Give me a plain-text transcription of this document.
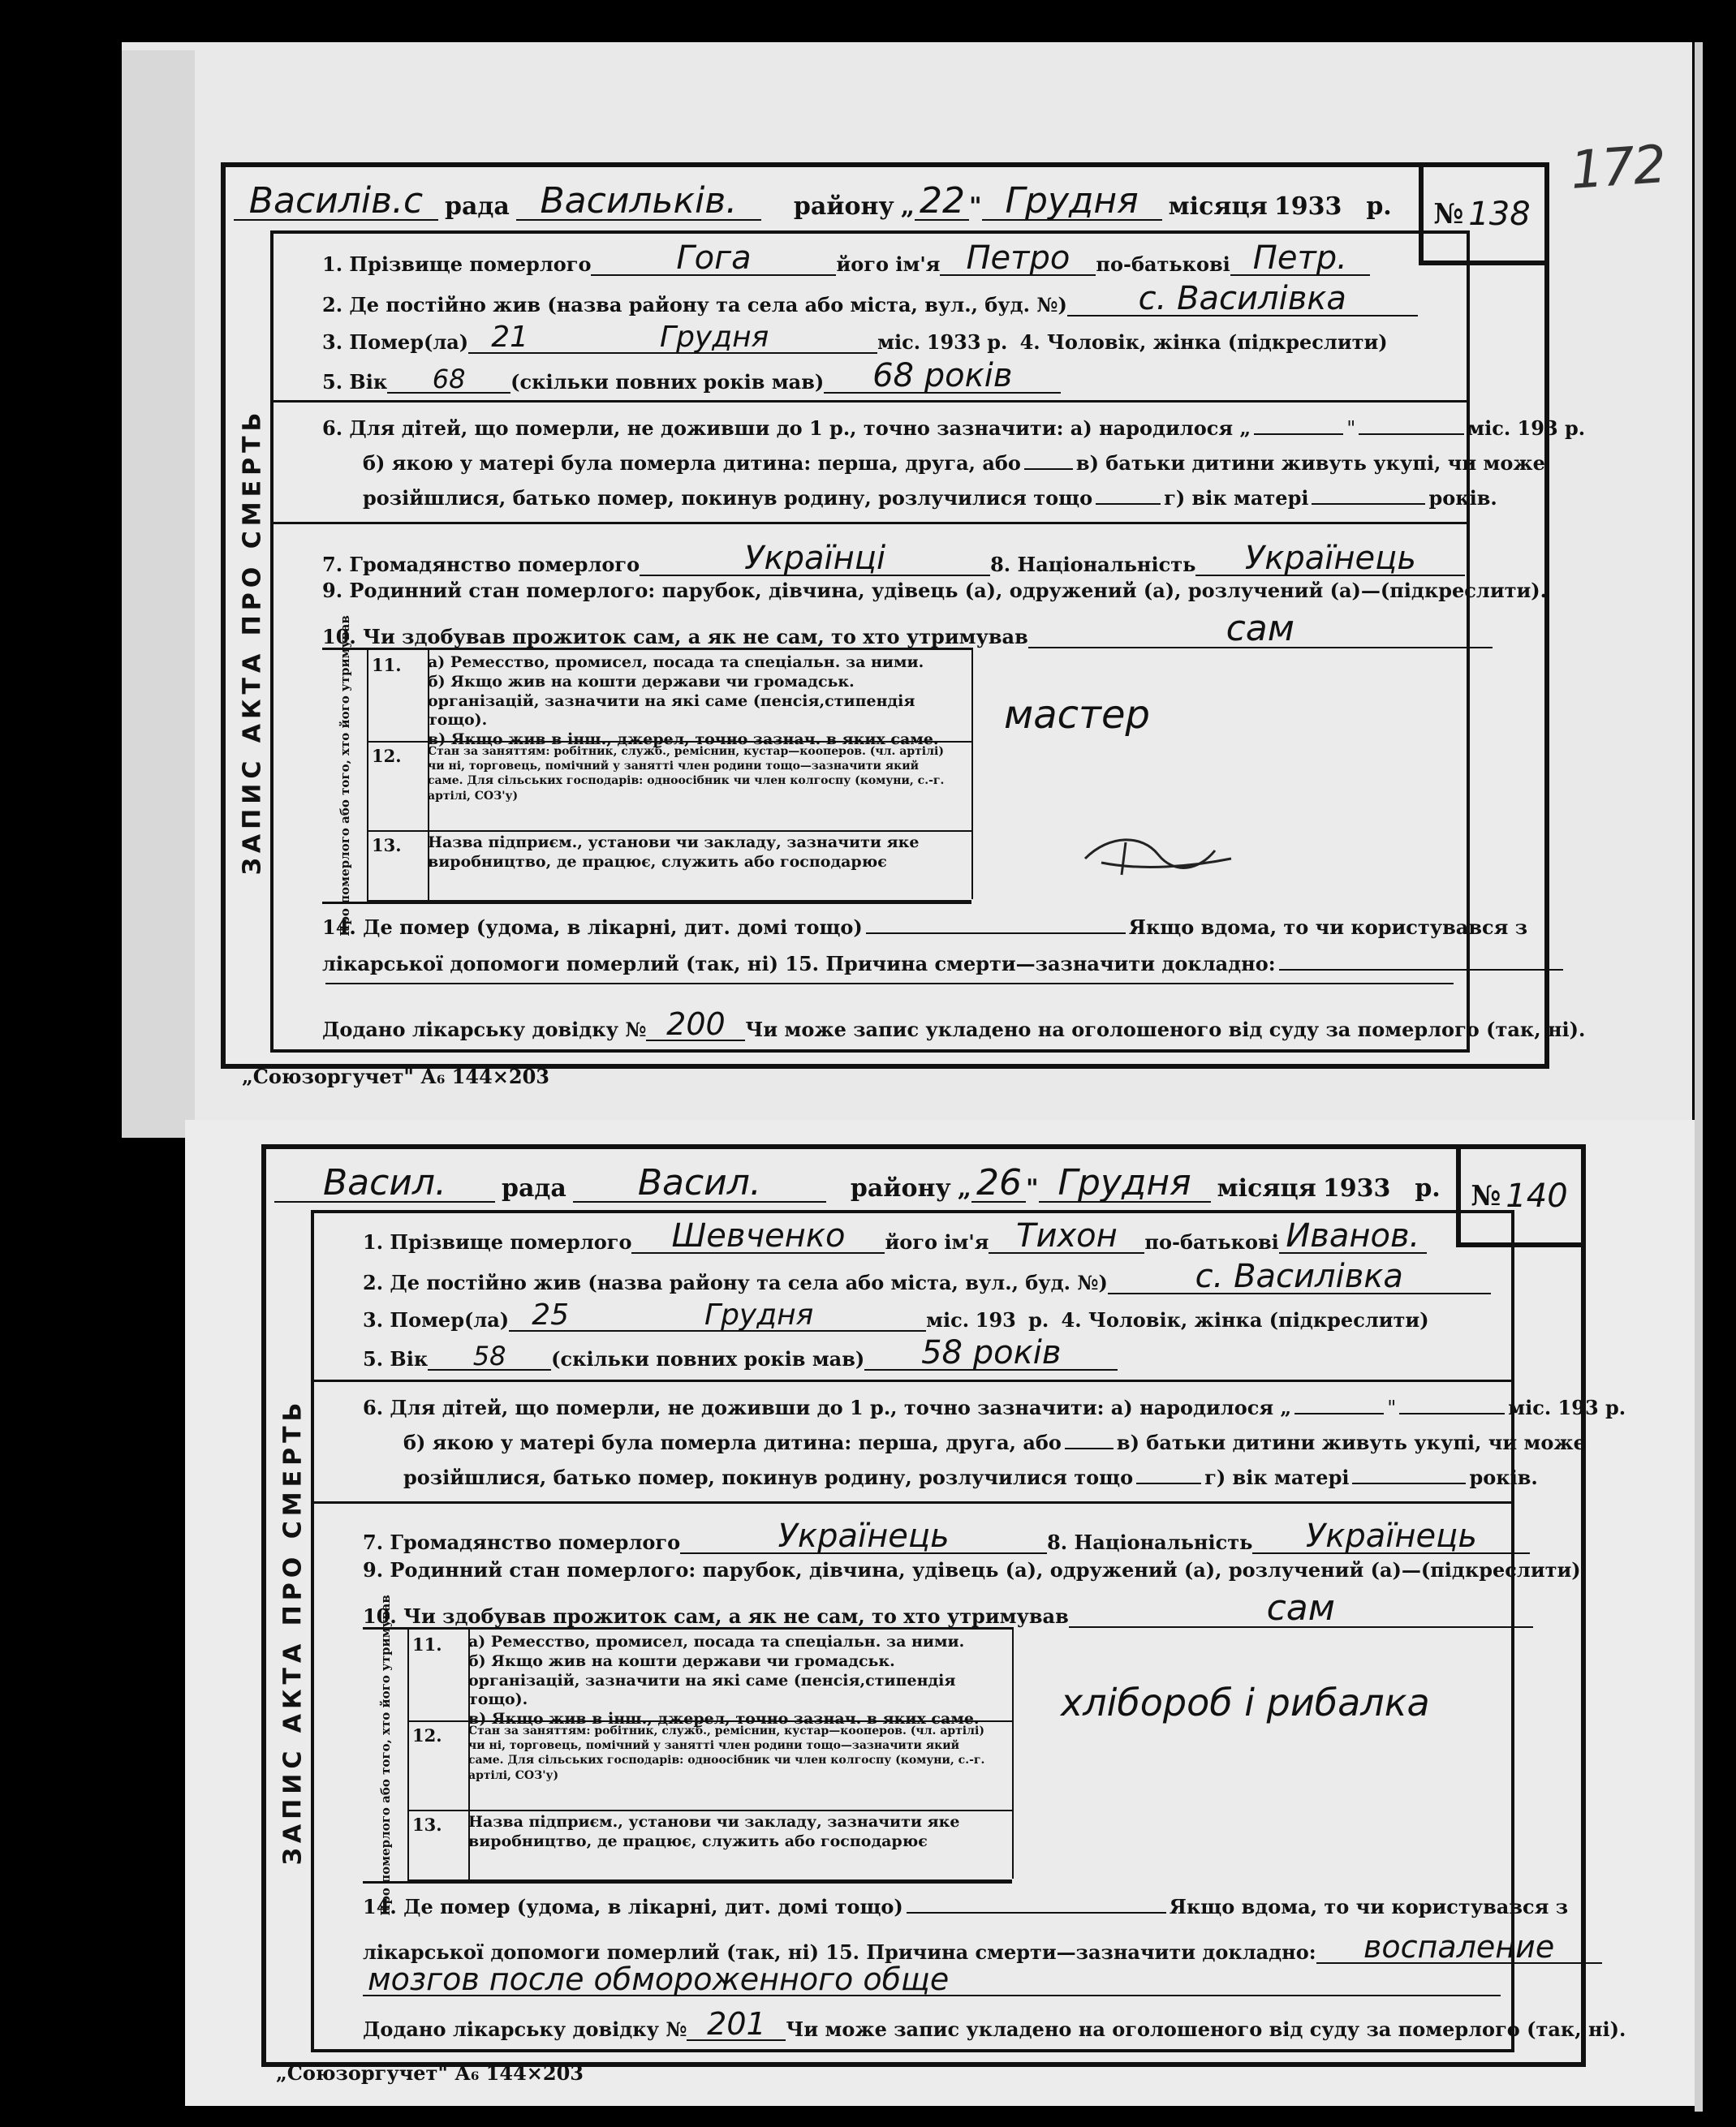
172
Василів.с рада Васильків.	району „ 22 " Грудня	місяця 1933 р. № 138
ЗАПИС АКТА ПРО СМЕРТЬ
1. Прізвище померлого	Гога	його ім'я Петро	по-батькові Петр.
2. Де постійно жив (назва району та села або міста, вул., буд. №)	с. Василівка
3. Помер(ла) 21	Грудня	міс.
193 3
р.
4. Чоловік, жінка (підкреслити)
5. Вік	68	(скільки повних років мав)	68 років
6. Для дітей, що померли, не доживши до 1 р., точно зазначити: а) народилося „	"	міс. 193 р.
б) якою у матері була померла дитина: перша, друга, або	в) батьки дитини живуть укупі, чи може
розійшлися, батько помер, покинув родину, розлучилися тощо	г) вік матері	років.
7. Громадянство померлого	Українці	8. Національність	Українець
9. Родинний стан померлого: парубок, дівчина, удівець (а), одружений (а), розлучений (а)—(підкреслити).
10. Чи здобував прожиток сам, а як не сам, то хто утримував	сам
Про померлого або того, хто його утримував 11. а) Ремесство, промисел, посада та спеціальн. за ними.
б) Якщо жив на кошти держави чи громадськ. організацій, зазначити на які саме (пенсія,стипендія тощо).
в) Якщо жив в інш., джерел, точно зазнач. в яких саме.
12. Стан за заняттям: робітник, служб., реміснин, кустар—кооперов. (чл. артілі) чи ні, торговець, помічний у занятті член родини тощо—зазначити який саме. Для сільських господарів: одноосібник чи член колгоспу (комуни, с.-г. артілі, СОЗ'у)
13. Назва підприєм., установи чи закладу, зазначити яке виробництво, де працює, служить або господарює
мастер
14. Де помер (удома, в лікарні, дит. домі тощо)	Якщо вдома, то чи користувався з
лікарської допомоги померлий (так, ні) 15. Причина смерти—зазначити докладно:
Додано лікарську довідку № 200	Чи може запис укладено на оголошеного від суду за померлого (так, ні).
„Союзоргучет" А₆ 144×203
Васил.	рада	Васил.	району „ 26 " Грудня	місяця 1933 р. № 140
ЗАПИС АКТА ПРО СМЕРТЬ
1. Прізвище померлого	Шевченко	його ім'я Тихон	по-батькові Иванов.
2. Де постійно жив (назва району та села або міста, вул., буд. №)	с. Василівка
3. Помер(ла) 25	Грудня	міс.
193
р.
4. Чоловік, жінка (підкреслити)
5. Вік	58	(скільки повних років мав)	58 років
6. Для дітей, що померли, не доживши до 1 р., точно зазначити: а) народилося „	"	міс. 193 р.
б) якою у матері була померла дитина: перша, друга, або	в) батьки дитини живуть укупі, чи може
розійшлися, батько помер, покинув родину, розлучилися тощо	г) вік матері	років.
7. Громадянство померлого	Українець	8. Національність	Українець
9. Родинний стан померлого: парубок, дівчина, удівець (а), одружений (а), розлучений (а)—(підкреслити).
10. Чи здобував прожиток сам, а як не сам, то хто утримував	сам
Про померлого або того, хто його утримував 11. а) Ремесство, промисел, посада та спеціальн. за ними.
б) Якщо жив на кошти держави чи громадськ. організацій, зазначити на які саме (пенсія,стипендія тощо).
в) Якщо жив в інш., джерел, точно зазнач. в яких саме.
12. Стан за заняттям: робітник, служб., реміснин, кустар—кооперов. (чл. артілі) чи ні, торговець, помічний у занятті член родини тощо—зазначити який саме. Для сільських господарів: одноосібник чи член колгоспу (комуни, с.-г. артілі, СОЗ'у)
13. Назва підприєм., установи чи закладу, зазначити яке виробництво, де працює, служить або господарює
хлібороб і рибалка
14. Де помер (удома, в лікарні, дит. домі тощо)	Якщо вдома, то чи користувався з
лікарської допомоги померлий (так, ні) 15. Причина смерти—зазначити докладно:	воспаление
мозгов после обмороженного обще
Додано лікарську довідку № 201	Чи може запис укладено на оголошеного від суду за померлого (так, ні).
„Союзоргучет" А₆ 144×203
